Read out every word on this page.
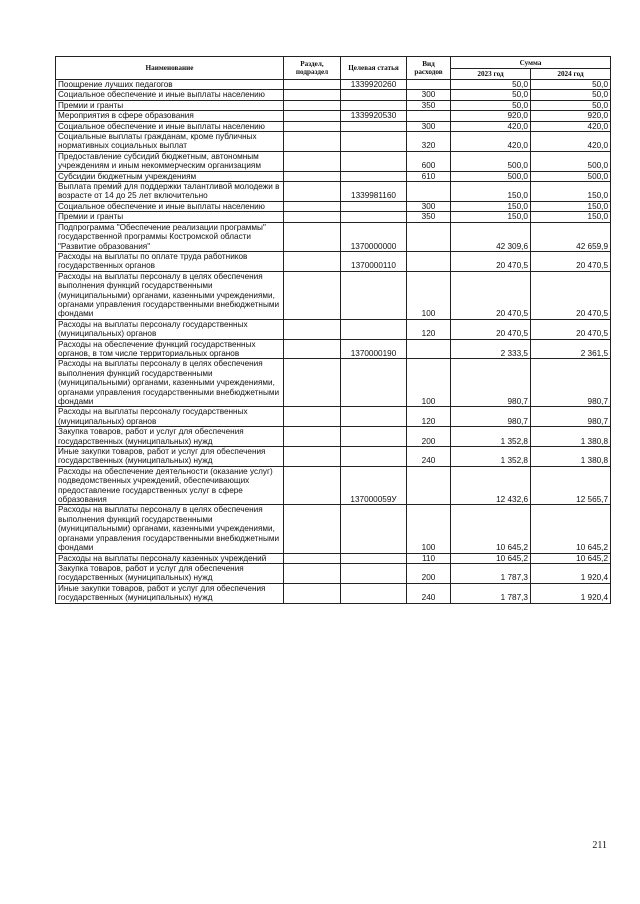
Наименование	Раздел, подраздел	Целевая статья	Вид расходов	Сумма	
				2023 год	2024 год
Поощрение лучших педагогов		1339920260		50,0	50,0
Социальное обеспечение и иные выплаты населению			300	50,0	50,0
Премии и гранты			350	50,0	50,0
Мероприятия в сфере образования		1339920530		920,0	920,0
Социальное обеспечение и иные выплаты населению			300	420,0	420,0
Социальные выплаты гражданам, кроме публичных нормативных социальных выплат			320	420,0	420,0
Предоставление субсидий бюджетным, автономным учреждениям и иным некоммерческим организациям			600	500,0	500,0
Субсидии бюджетным учреждениям			610	500,0	500,0
Выплата премий для поддержки талантливой молодежи в возрасте от 14 до 25 лет включительно		1339981160		150,0	150,0
Социальное обеспечение и иные выплаты населению			300	150,0	150,0
Премии и гранты			350	150,0	150,0
Подпрограмма "Обеспечение реализации программы" государственной программы Костромской области "Развитие образования"		1370000000		42 309,6	42 659,9
Расходы на выплаты по оплате труда работников государственных органов		1370000110		20 470,5	20 470,5
Расходы на выплаты персоналу в целях обеспечения выполнения функций государственными (муниципальными) органами, казенными учреждениями, органами управления государственными внебюджетными фондами			100	20 470,5	20 470,5
Расходы на выплаты персоналу государственных (муниципальных) органов			120	20 470,5	20 470,5
Расходы на обеспечение функций государственных органов, в том числе территориальных органов		1370000190		2 333,5	2 361,5
Расходы на выплаты персоналу в целях обеспечения выполнения функций государственными (муниципальными) органами, казенными учреждениями, органами управления государственными внебюджетными фондами			100	980,7	980,7
Расходы на выплаты персоналу государственных (муниципальных) органов			120	980,7	980,7
Закупка товаров, работ и услуг для обеспечения государственных (муниципальных) нужд			200	1 352,8	1 380,8
Иные закупки товаров, работ и услуг для обеспечения государственных (муниципальных) нужд			240	1 352,8	1 380,8
Расходы на обеспечение деятельности (оказание услуг) подведомственных учреждений, обеспечивающих предоставление государственных услуг в сфере образования		137000059У		12 432,6	12 565,7
Расходы на выплаты персоналу в целях обеспечения выполнения функций государственными (муниципальными) органами, казенными учреждениями, органами управления государственными внебюджетными фондами			100	10 645,2	10 645,2
Расходы на выплаты персоналу казенных учреждений			110	10 645,2	10 645,2
Закупка товаров, работ и услуг для обеспечения государственных (муниципальных) нужд			200	1 787,3	1 920,4
Иные закупки товаров, работ и услуг для обеспечения государственных (муниципальных) нужд			240	1 787,3	1 920,4
211
